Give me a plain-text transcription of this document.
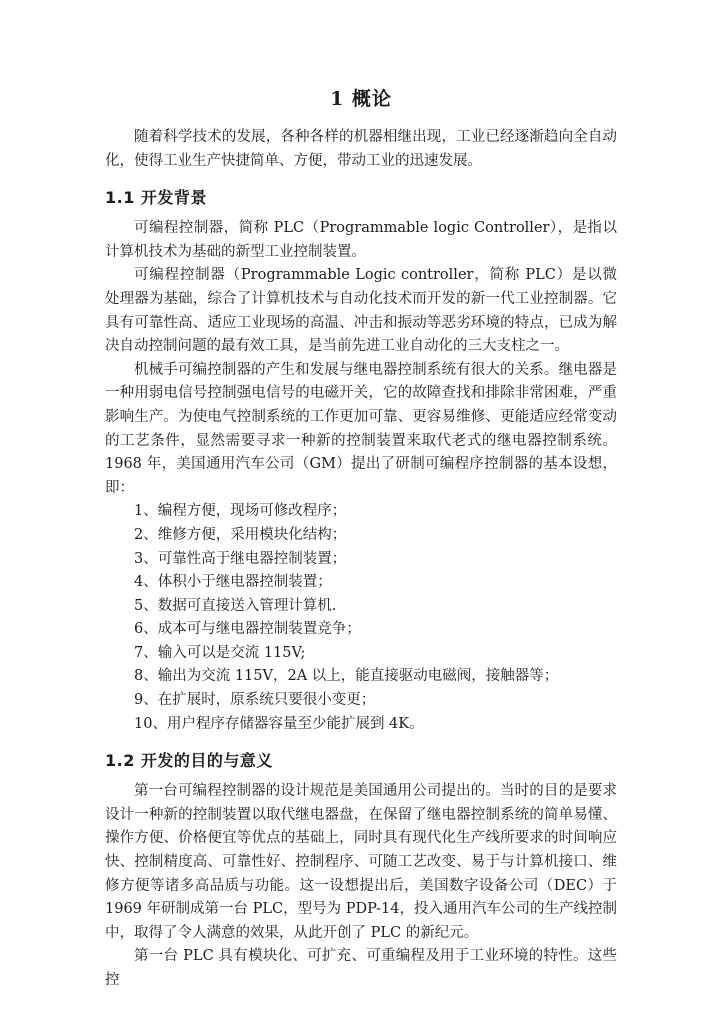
1 概论

随着科学技术的发展，各种各样的机器相继出现，工业已经逐渐趋向全自动化，使得工业生产快捷简单、方便，带动工业的迅速发展。

1.1 开发背景

可编程控制器，简称 PLC（Programmable logic Controller），是指以计算机技术为基础的新型工业控制装置。

可编程控制器（Programmable Logic controller，简称 PLC）是以微处理器为基础，综合了计算机技术与自动化技术而开发的新一代工业控制器。它具有可靠性高、适应工业现场的高温、冲击和振动等恶劣环境的特点，已成为解决自动控制问题的最有效工具，是当前先进工业自动化的三大支柱之一。

机械手可编控制器的产生和发展与继电器控制系统有很大的关系。继电器是一种用弱电信号控制强电信号的电磁开关，它的故障查找和排除非常困难，严重影响生产。为使电气控制系统的工作更加可靠、更容易维修、更能适应经常变动的工艺条件，显然需要寻求一种新的控制装置来取代老式的继电器控制系统。1968 年，美国通用汽车公司（GM）提出了研制可编程序控制器的基本设想，即：

1、编程方便，现场可修改程序；

2、维修方便，采用模块化结构；

3、可靠性高于继电器控制装置；

4、体积小于继电器控制装置；

5、数据可直接送入管理计算机.

6、成本可与继电器控制装置竞争；

7、输入可以是交流 115V;

8、输出为交流 115V，2A 以上，能直接驱动电磁阀，接触器等；

9、在扩展时，原系统只要很小变更；

10、用户程序存储器容量至少能扩展到 4K。

1.2 开发的目的与意义

第一台可编程控制器的设计规范是美国通用公司提出的。当时的目的是要求设计一种新的控制装置以取代继电器盘，在保留了继电器控制系统的简单易懂、操作方便、价格便宜等优点的基础上，同时具有现代化生产线所要求的时间响应快、控制精度高、可靠性好、控制程序、可随工艺改变、易于与计算机接口、维修方便等诸多高品质与功能。这一设想提出后，美国数字设备公司（DEC）于 1969 年研制成第一台 PLC，型号为 PDP-14，投入通用汽车公司的生产线控制中，取得了令人满意的效果，从此开创了 PLC 的新纪元。

第一台 PLC 具有模块化、可扩充、可重编程及用于工业环境的特性。这些控
